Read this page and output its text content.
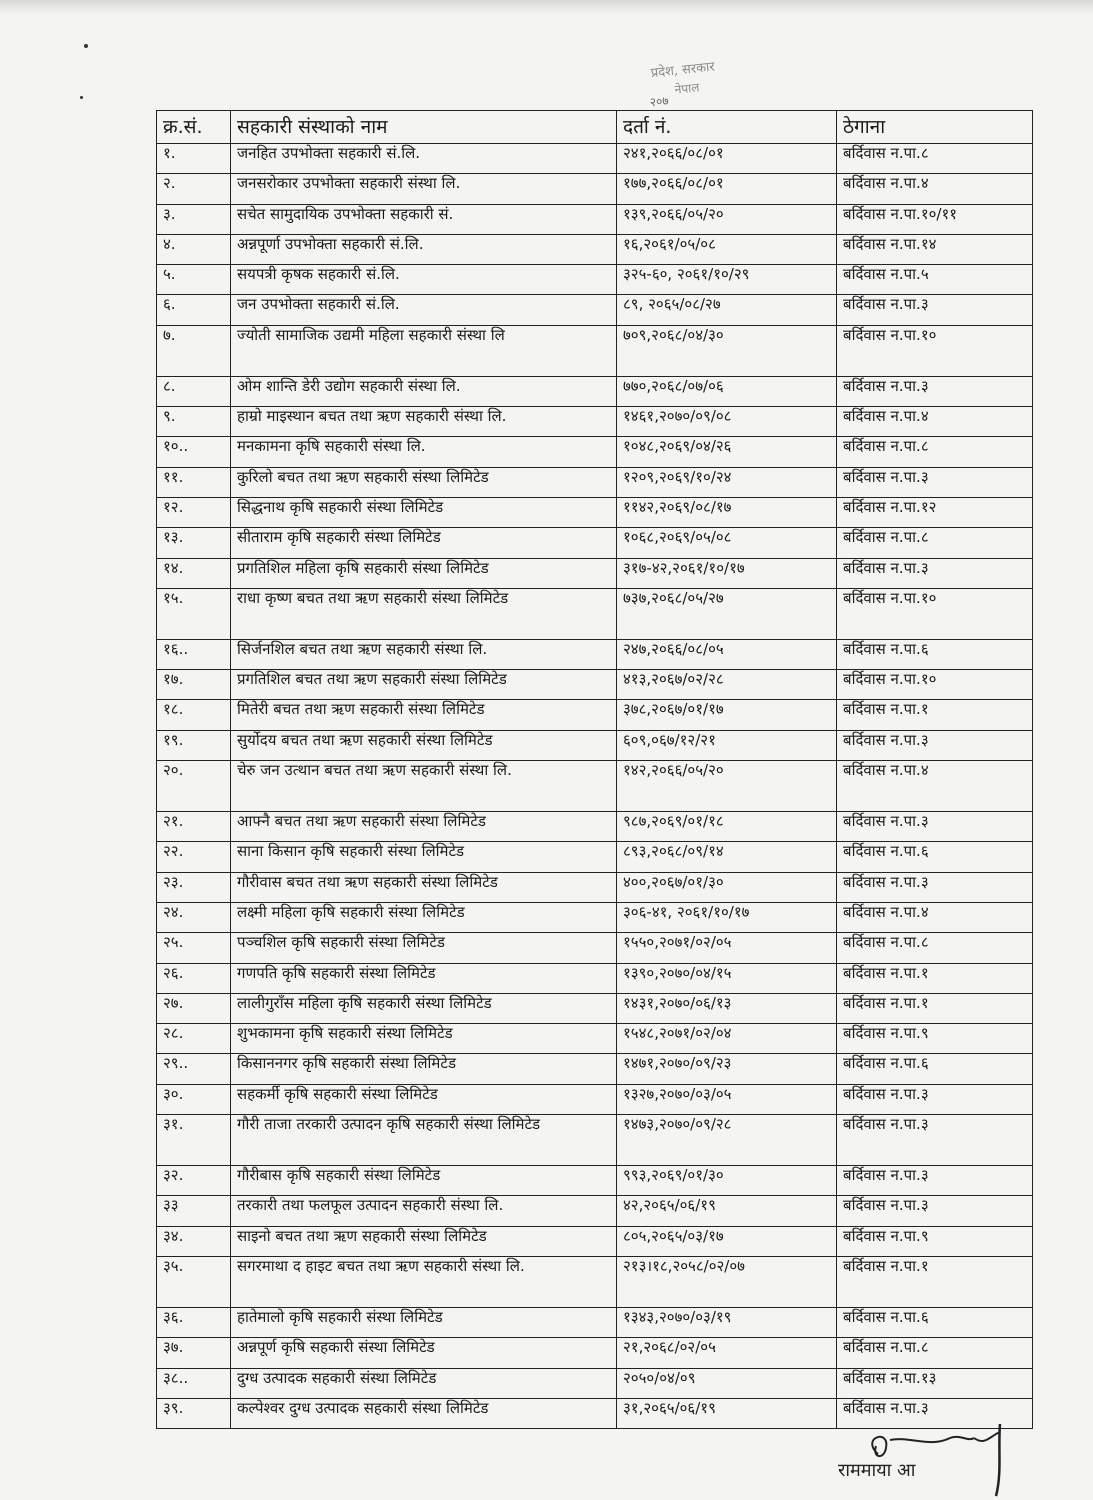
प्रदेश, सरकार
नेपाल
२०७
क्र.सं.	सहकारी संस्थाको नाम	दर्ता नं.	ठेगाना
१.	जनहित उपभोक्ता सहकारी सं.लि.	२४१,२०६६/०८/०१	बर्दिवास न.पा.८
२.	जनसरोकार उपभोक्ता सहकारी संस्था लि.	१७७,२०६६/०८/०१	बर्दिवास न.पा.४
३.	सचेत सामुदायिक उपभोक्ता सहकारी सं.	१३९,२०६६/०५/२०	बर्दिवास न.पा.१०/११
४.	अन्नपूर्णा उपभोक्ता सहकारी सं.लि.	१६,२०६१/०५/०८	बर्दिवास न.पा.१४
५.	सयपत्री कृषक सहकारी सं.लि.	३२५-६०, २०६१/१०/२९	बर्दिवास न.पा.५
६.	जन उपभोक्ता सहकारी सं.लि.	८९, २०६५/०८/२७	बर्दिवास न.पा.३
७.	ज्योती सामाजिक उद्यमी महिला सहकारी संस्था लि	७०९,२०६८/०४/३०	बर्दिवास न.पा.१०
८.	ओम शान्ति डेरी उद्योग सहकारी संस्था लि.	७७०,२०६८/०७/०६	बर्दिवास न.पा.३
९.	हाम्रो माइस्थान बचत तथा ऋण सहकारी संस्था लि.	१४६१,२०७०/०९/०८	बर्दिवास न.पा.४
१०..	मनकामना कृषि सहकारी संस्था लि.	१०४८,२०६९/०४/२६	बर्दिवास न.पा.८
११.	कुरिलो बचत तथा ऋण सहकारी संस्था लिमिटेड	१२०९,२०६९/१०/२४	बर्दिवास न.पा.३
१२.	सिद्धनाथ कृषि सहकारी संस्था लिमिटेड	११४२,२०६९/०८/१७	बर्दिवास न.पा.१२
१३.	सीताराम कृषि सहकारी संस्था लिमिटेड	१०६८,२०६९/०५/०८	बर्दिवास न.पा.८
१४.	प्रगतिशिल महिला कृषि सहकारी संस्था लिमिटेड	३१७-४२,२०६१/१०/१७	बर्दिवास न.पा.३
१५.	राधा कृष्ण बचत तथा ऋण सहकारी संस्था लिमिटेड	७३७,२०६८/०५/२७	बर्दिवास न.पा.१०
१६..	सिर्जनशिल बचत तथा ऋण सहकारी संस्था लि.	२४७,२०६६/०८/०५	बर्दिवास न.पा.६
१७.	प्रगतिशिल बचत तथा ऋण सहकारी संस्था लिमिटेड	४१३,२०६७/०२/२८	बर्दिवास न.पा.१०
१८.	मितेरी बचत तथा ऋण सहकारी संस्था लिमिटेड	३७८,२०६७/०१/१७	बर्दिवास न.पा.१
१९.	सुर्योदय बचत तथा ऋण सहकारी संस्था लिमिटेड	६०९,०६७/१२/२१	बर्दिवास न.पा.३
२०.	चेरु जन उत्थान बचत तथा ऋण सहकारी संस्था लि.	१४२,२०६६/०५/२०	बर्दिवास न.पा.४
२१.	आफ्नै बचत तथा ऋण सहकारी संस्था लिमिटेड	९८७,२०६९/०१/१८	बर्दिवास न.पा.३
२२.	साना किसान कृषि सहकारी संस्था लिमिटेड	८९३,२०६८/०९/१४	बर्दिवास न.पा.६
२३.	गौरीवास बचत तथा ऋण सहकारी संस्था लिमिटेड	४००,२०६७/०१/३०	बर्दिवास न.पा.३
२४.	लक्ष्मी महिला कृषि सहकारी संस्था लिमिटेड	३०६-४१, २०६१/१०/१७	बर्दिवास न.पा.४
२५.	पञ्चशिल कृषि सहकारी संस्था लिमिटेड	१५५०,२०७१/०२/०५	बर्दिवास न.पा.८
२६.	गणपति कृषि सहकारी संस्था लिमिटेड	१३९०,२०७०/०४/१५	बर्दिवास न.पा.१
२७.	लालीगुराँस महिला कृषि सहकारी संस्था लिमिटेड	१४३१,२०७०/०६/१३	बर्दिवास न.पा.१
२८.	शुभकामना कृषि सहकारी संस्था लिमिटेड	१५४८,२०७१/०२/०४	बर्दिवास न.पा.९
२९..	किसाननगर कृषि सहकारी संस्था लिमिटेड	१४७१,२०७०/०९/२३	बर्दिवास न.पा.६
३०.	सहकर्मी कृषि सहकारी संस्था लिमिटेड	१३२७,२०७०/०३/०५	बर्दिवास न.पा.३
३१.	गौरी ताजा तरकारी उत्पादन कृषि सहकारी संस्था लिमिटेड	१४७३,२०७०/०९/२८	बर्दिवास न.पा.३
३२.	गौरीबास कृषि सहकारी संस्था लिमिटेड	९९३,२०६९/०१/३०	बर्दिवास न.पा.३
३३	तरकारी तथा फलफूल उत्पादन सहकारी संस्था लि.	४२,२०६५/०६/१९	बर्दिवास न.पा.३
३४.	साइनो बचत तथा ऋण सहकारी संस्था लिमिटेड	८०५,२०६५/०३/१७	बर्दिवास न.पा.९
३५.	सगरमाथा द हाइट बचत तथा ऋण सहकारी संस्था लि.	२१३।१८,२०५८/०२/०७	बर्दिवास न.पा.१
३६.	हातेमालो कृषि सहकारी संस्था लिमिटेड	१३४३,२०७०/०३/१९	बर्दिवास न.पा.६
३७.	अन्नपूर्ण कृषि सहकारी संस्था लिमिटेड	२१,२०६८/०२/०५	बर्दिवास न.पा.८
३८..	दुग्ध उत्पादक सहकारी संस्था लिमिटेड	२०५०/०४/०९	बर्दिवास न.पा.१३
३९.	कल्पेश्वर दुग्ध उत्पादक सहकारी संस्था लिमिटेड	३१,२०६५/०६/१९	बर्दिवास न.पा.३
राममाया आ
